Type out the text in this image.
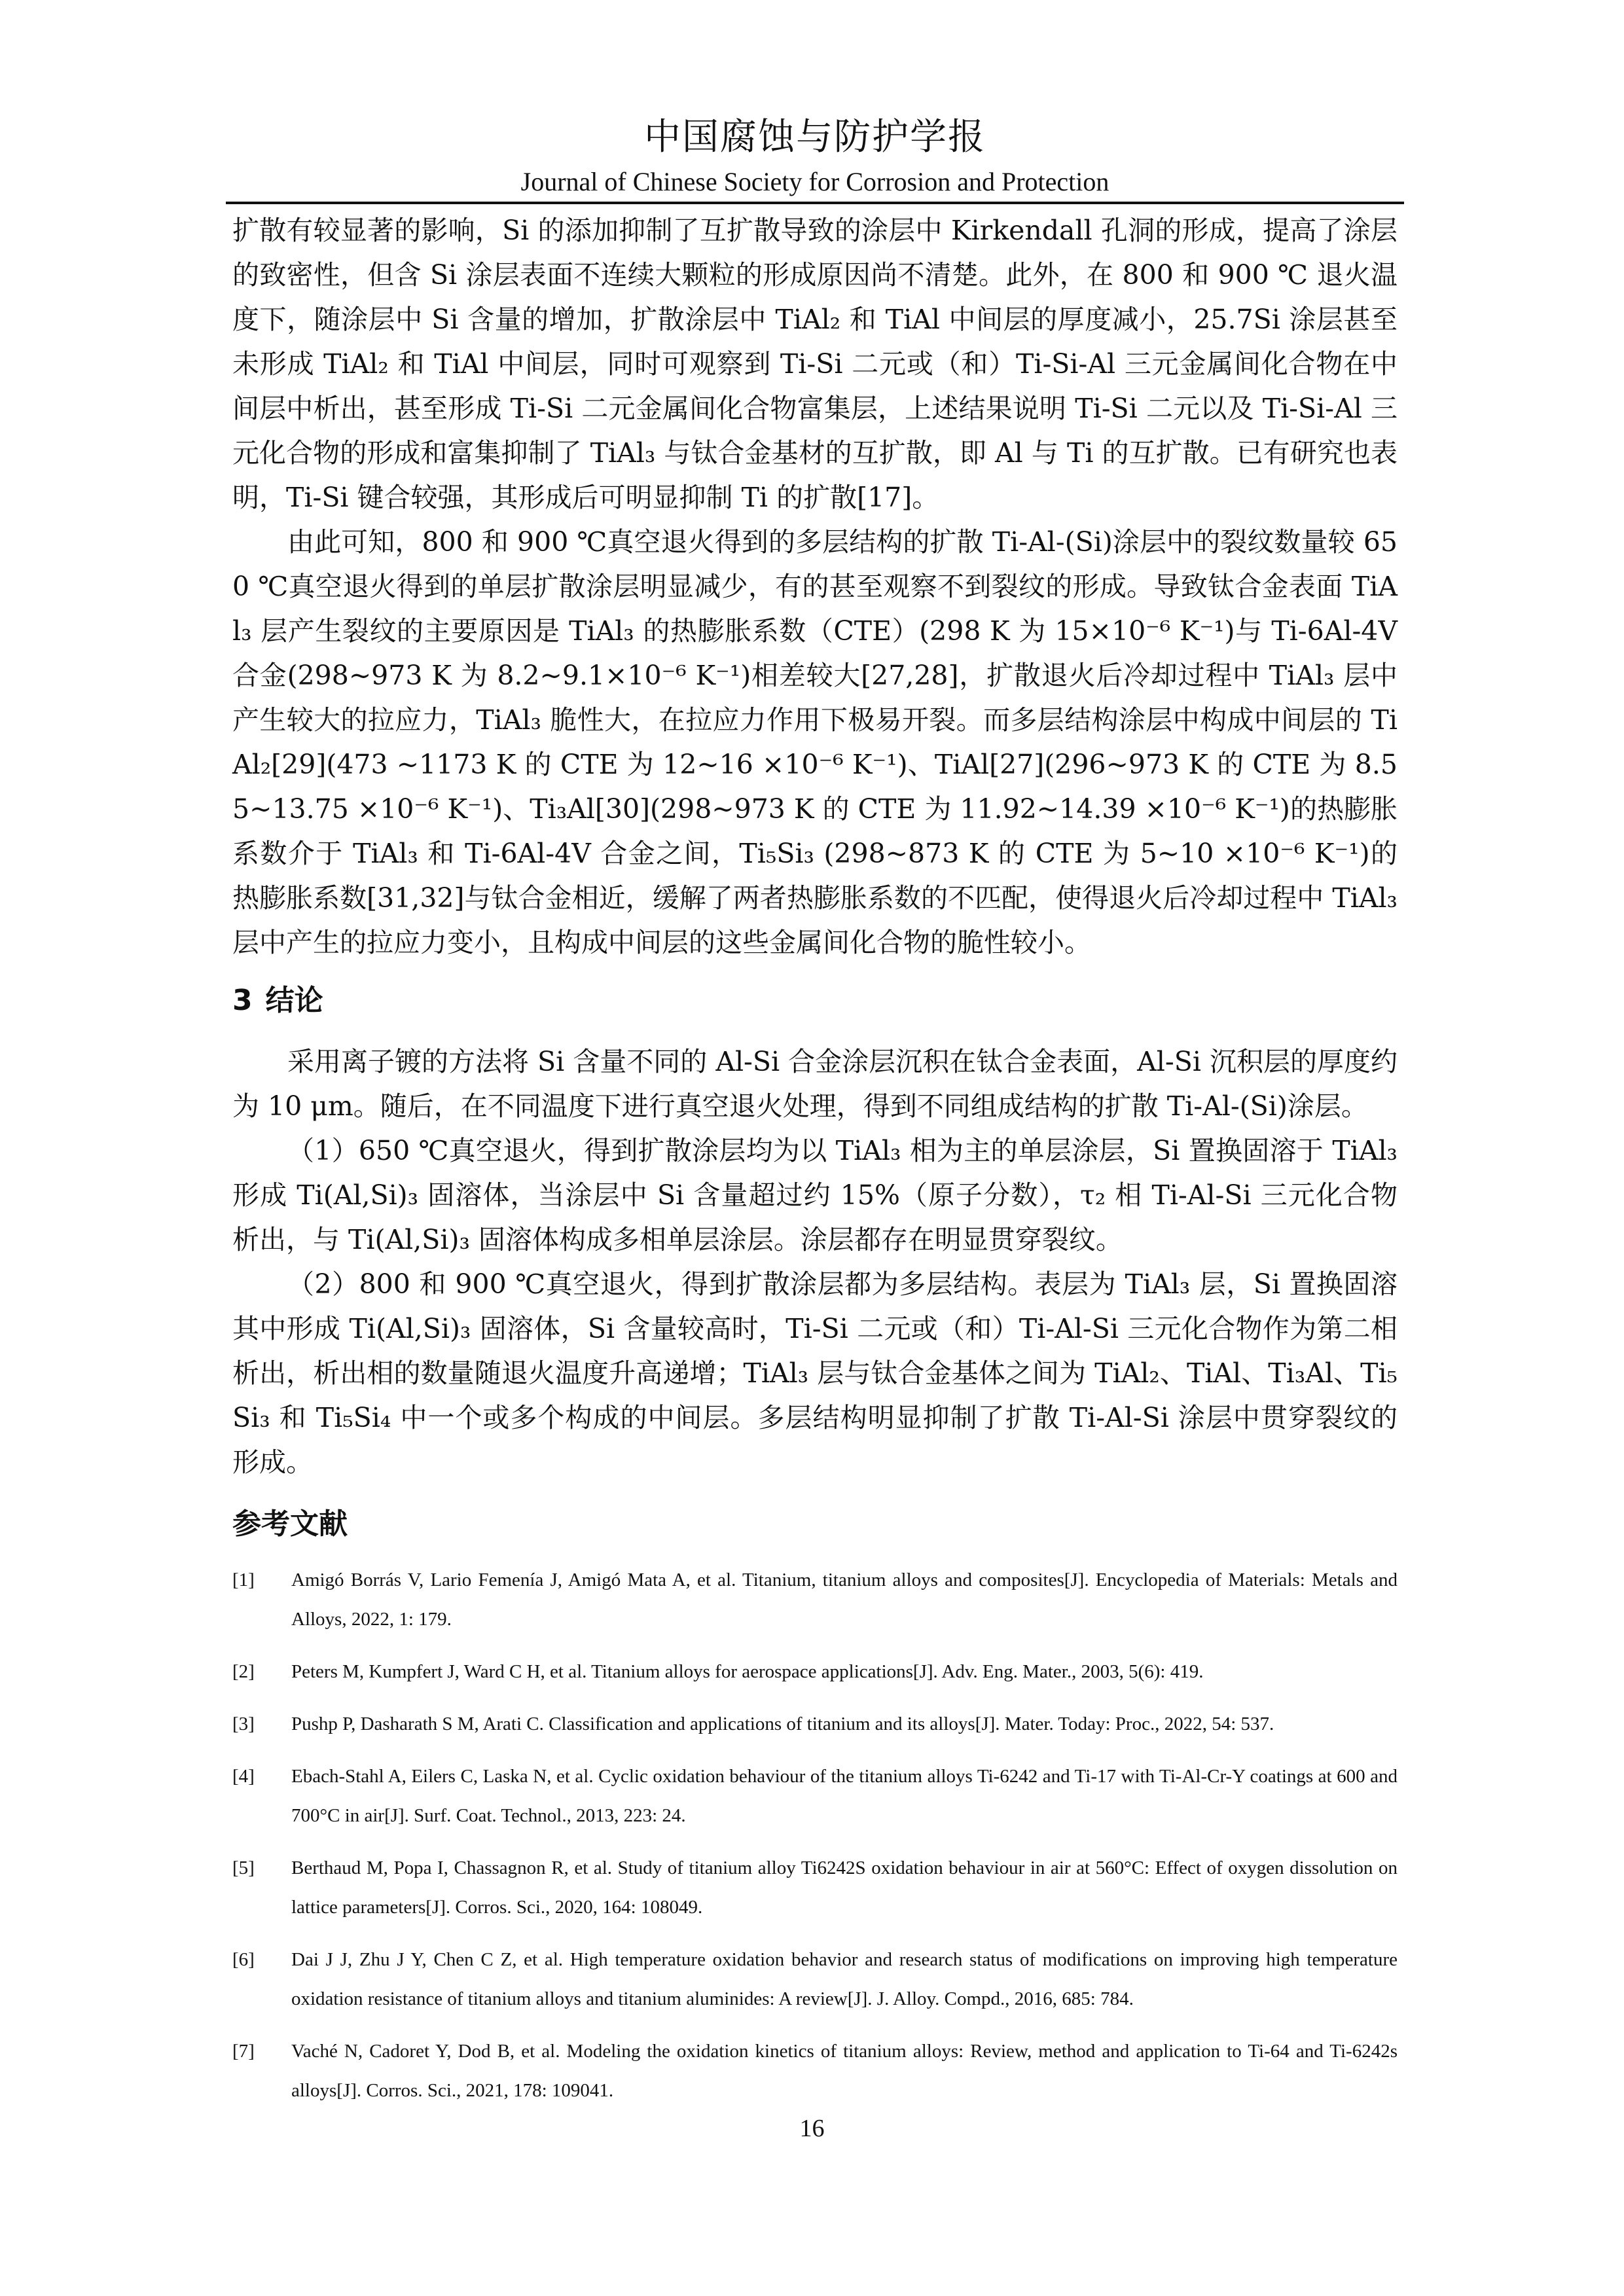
中国腐蚀与防护学报
Journal of Chinese Society for Corrosion and Protection

扩散有较显著的影响，Si 的添加抑制了互扩散导致的涂层中 Kirkendall 孔洞的形成，提高了涂层的致密性，但含 Si 涂层表面不连续大颗粒的形成原因尚不清楚。此外，在 800 和 900 ℃ 退火温度下，随涂层中 Si 含量的增加，扩散涂层中 TiAl₂ 和 TiAl 中间层的厚度减小，25.7Si 涂层甚至未形成 TiAl₂ 和 TiAl 中间层，同时可观察到 Ti-Si 二元或（和）Ti-Si-Al 三元金属间化合物在中间层中析出，甚至形成 Ti-Si 二元金属间化合物富集层，上述结果说明 Ti-Si 二元以及 Ti-Si-Al 三元化合物的形成和富集抑制了 TiAl₃ 与钛合金基材的互扩散，即 Al 与 Ti 的互扩散。已有研究也表明，Ti-Si 键合较强，其形成后可明显抑制 Ti 的扩散[17]。

由此可知，800 和 900 ℃真空退火得到的多层结构的扩散 Ti-Al-(Si)涂层中的裂纹数量较 650 ℃真空退火得到的单层扩散涂层明显减少，有的甚至观察不到裂纹的形成。导致钛合金表面 TiAl₃ 层产生裂纹的主要原因是 TiAl₃ 的热膨胀系数（CTE）(298 K 为 15×10⁻⁶ K⁻¹)与 Ti-6Al-4V 合金(298~973 K 为 8.2~9.1×10⁻⁶ K⁻¹)相差较大[27,28]，扩散退火后冷却过程中 TiAl₃ 层中产生较大的拉应力，TiAl₃ 脆性大，在拉应力作用下极易开裂。而多层结构涂层中构成中间层的 TiAl₂[29](473 ~1173 K 的 CTE 为 12~16 ×10⁻⁶ K⁻¹)、TiAl[27](296~973 K 的 CTE 为 8.55~13.75 ×10⁻⁶ K⁻¹)、Ti₃Al[30](298~973 K 的 CTE 为 11.92~14.39 ×10⁻⁶ K⁻¹)的热膨胀系数介于 TiAl₃ 和 Ti-6Al-4V 合金之间，Ti₅Si₃ (298~873 K 的 CTE 为 5~10 ×10⁻⁶ K⁻¹)的热膨胀系数[31,32]与钛合金相近，缓解了两者热膨胀系数的不匹配，使得退火后冷却过程中 TiAl₃ 层中产生的拉应力变小，且构成中间层的这些金属间化合物的脆性较小。

3 结论

采用离子镀的方法将 Si 含量不同的 Al-Si 合金涂层沉积在钛合金表面，Al-Si 沉积层的厚度约为 10 μm。随后，在不同温度下进行真空退火处理，得到不同组成结构的扩散 Ti-Al-(Si)涂层。

（1）650 ℃真空退火，得到扩散涂层均为以 TiAl₃ 相为主的单层涂层，Si 置换固溶于 TiAl₃ 形成 Ti(Al,Si)₃ 固溶体，当涂层中 Si 含量超过约 15%（原子分数），τ₂ 相 Ti-Al-Si 三元化合物析出，与 Ti(Al,Si)₃ 固溶体构成多相单层涂层。涂层都存在明显贯穿裂纹。

（2）800 和 900 ℃真空退火，得到扩散涂层都为多层结构。表层为 TiAl₃ 层，Si 置换固溶其中形成 Ti(Al,Si)₃ 固溶体，Si 含量较高时，Ti-Si 二元或（和）Ti-Al-Si 三元化合物作为第二相析出，析出相的数量随退火温度升高递增；TiAl₃ 层与钛合金基体之间为 TiAl₂、TiAl、Ti₃Al、Ti₅Si₃ 和 Ti₅Si₄ 中一个或多个构成的中间层。多层结构明显抑制了扩散 Ti-Al-Si 涂层中贯穿裂纹的形成。

参考文献
[1]	Amigó Borrás V, Lario Femenía J, Amigó Mata A, et al. Titanium, titanium alloys and composites[J]. Encyclopedia of Materials: Metals and Alloys, 2022, 1: 179.
[2]	Peters M, Kumpfert J, Ward C H, et al. Titanium alloys for aerospace applications[J]. Adv. Eng. Mater., 2003, 5(6): 419.
[3]	Pushp P, Dasharath S M, Arati C. Classification and applications of titanium and its alloys[J]. Mater. Today: Proc., 2022, 54: 537.
[4]	Ebach-Stahl A, Eilers C, Laska N, et al. Cyclic oxidation behaviour of the titanium alloys Ti-6242 and Ti-17 with Ti-Al-Cr-Y coatings at 600 and 700°C in air[J]. Surf. Coat. Technol., 2013, 223: 24.
[5]	Berthaud M, Popa I, Chassagnon R, et al. Study of titanium alloy Ti6242S oxidation behaviour in air at 560°C: Effect of oxygen dissolution on lattice parameters[J]. Corros. Sci., 2020, 164: 108049.
[6]	Dai J J, Zhu J Y, Chen C Z, et al. High temperature oxidation behavior and research status of modifications on improving high temperature oxidation resistance of titanium alloys and titanium aluminides: A review[J]. J. Alloy. Compd., 2016, 685: 784.
[7]	Vaché N, Cadoret Y, Dod B, et al. Modeling the oxidation kinetics of titanium alloys: Review, method and application to Ti-64 and Ti-6242s alloys[J]. Corros. Sci., 2021, 178: 109041.
16
